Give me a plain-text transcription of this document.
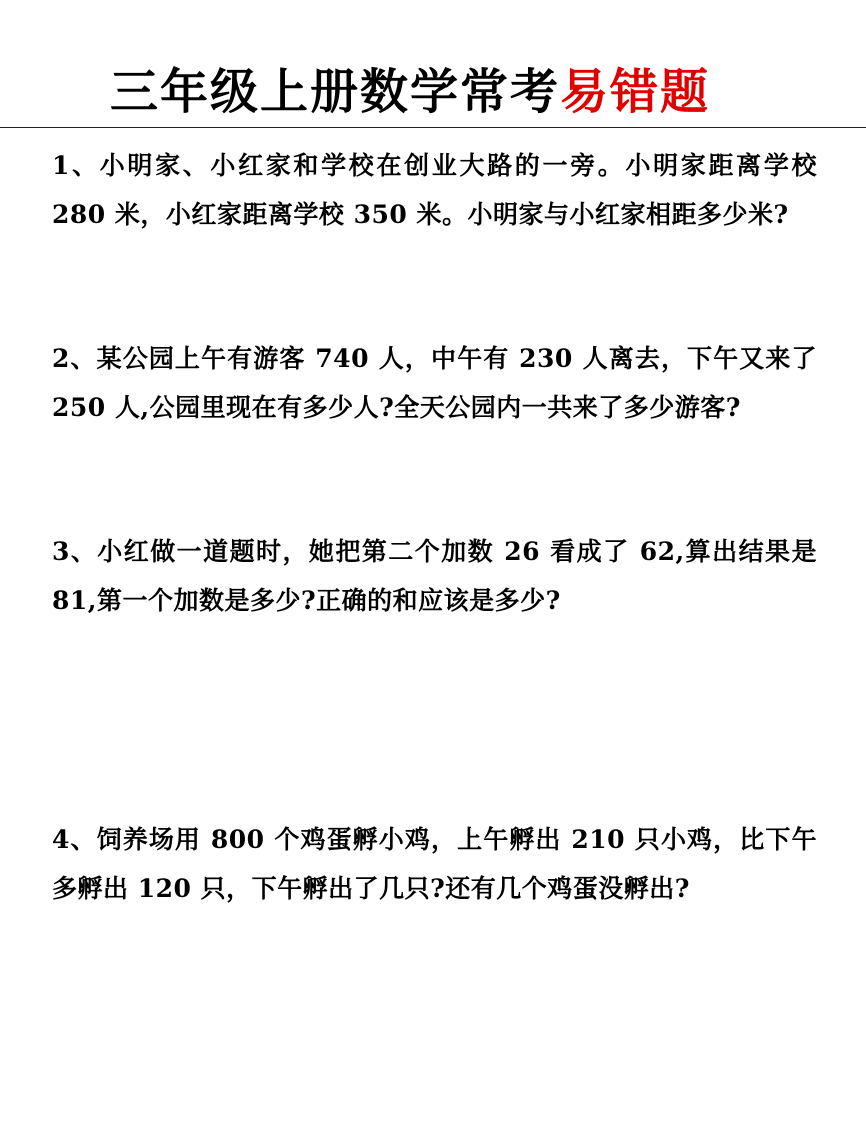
三年级上册数学常考易错题

1、小明家、小红家和学校在创业大路的一旁。小明家距离学校 280 米，小红家距离学校 350 米。小明家与小红家相距多少米?

2、某公园上午有游客 740 人，中午有 230 人离去，下午又来了 250 人,公园里现在有多少人?全天公园内一共来了多少游客?

3、小红做一道题时，她把第二个加数 26 看成了 62,算出结果是 81,第一个加数是多少?正确的和应该是多少?

4、饲养场用 800 个鸡蛋孵小鸡，上午孵出 210 只小鸡，比下午多孵出 120 只，下午孵出了几只?还有几个鸡蛋没孵出?
